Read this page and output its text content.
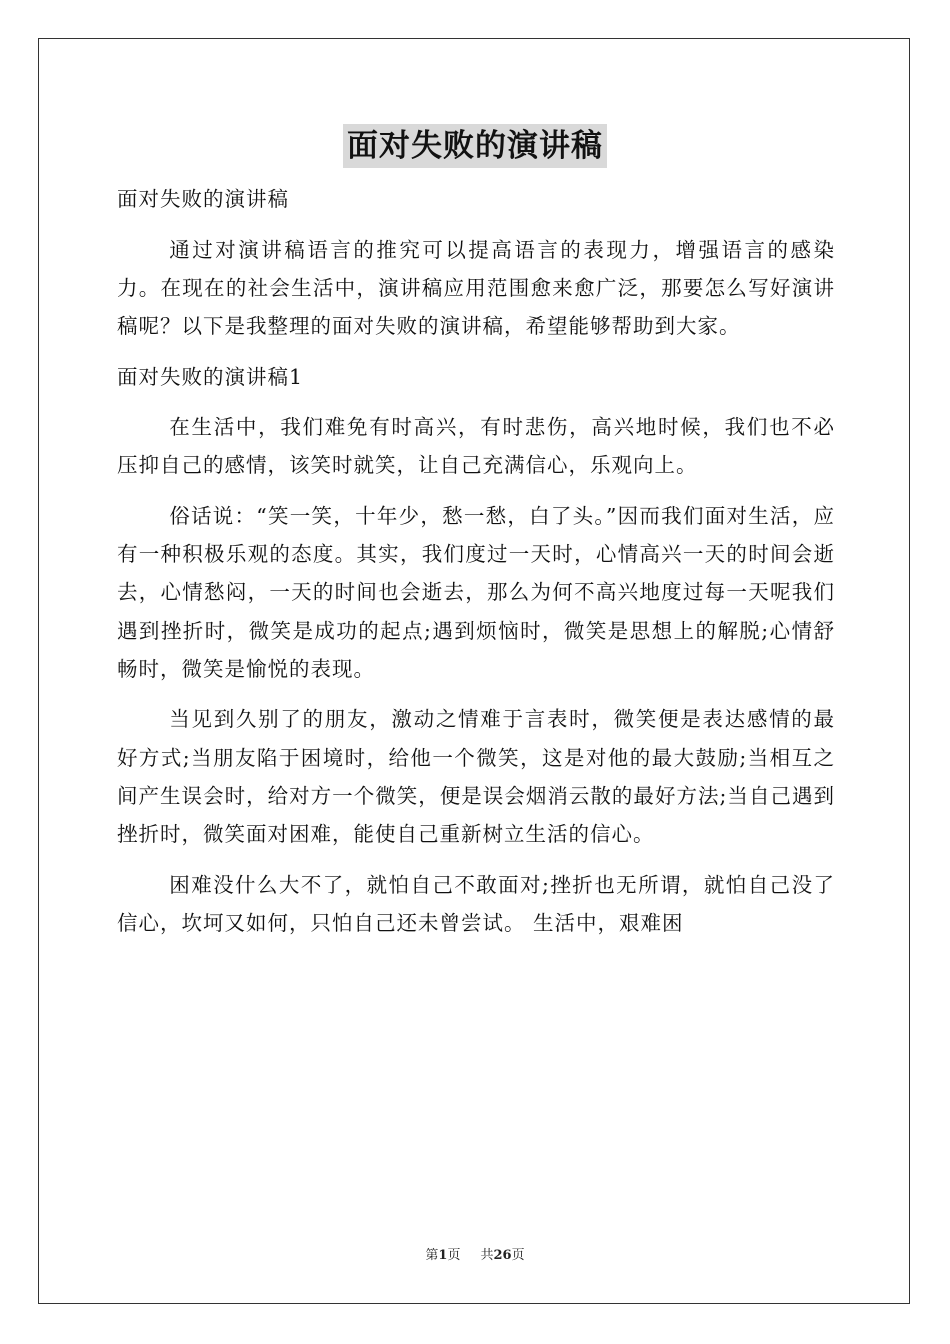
面对失败的演讲稿

面对失败的演讲稿

通过对演讲稿语言的推究可以提高语言的表现力，增强语言的感染力。在现在的社会生活中，演讲稿应用范围愈来愈广泛，那要怎么写好演讲稿呢？以下是我整理的面对失败的演讲稿，希望能够帮助到大家。

面对失败的演讲稿1

在生活中，我们难免有时高兴，有时悲伤，高兴地时候，我们也不必压抑自己的感情，该笑时就笑，让自己充满信心，乐观向上。

俗话说：“笑一笑，十年少，愁一愁，白了头。”因而我们面对生活，应有一种积极乐观的态度。其实，我们度过一天时，心情高兴一天的时间会逝去，心情愁闷，一天的时间也会逝去，那么为何不高兴地度过每一天呢我们遇到挫折时，微笑是成功的起点;遇到烦恼时，微笑是思想上的解脱;心情舒畅时，微笑是愉悦的表现。

当见到久别了的朋友，激动之情难于言表时，微笑便是表达感情的最好方式;当朋友陷于困境时，给他一个微笑，这是对他的最大鼓励;当相互之间产生误会时，给对方一个微笑，便是误会烟消云散的最好方法;当自己遇到挫折时，微笑面对困难，能使自己重新树立生活的信心。

困难没什么大不了，就怕自己不敢面对;挫折也无所谓，就怕自己没了信心，坎坷又如何，只怕自己还未曾尝试。 生活中，艰难困

第1页 共26页
